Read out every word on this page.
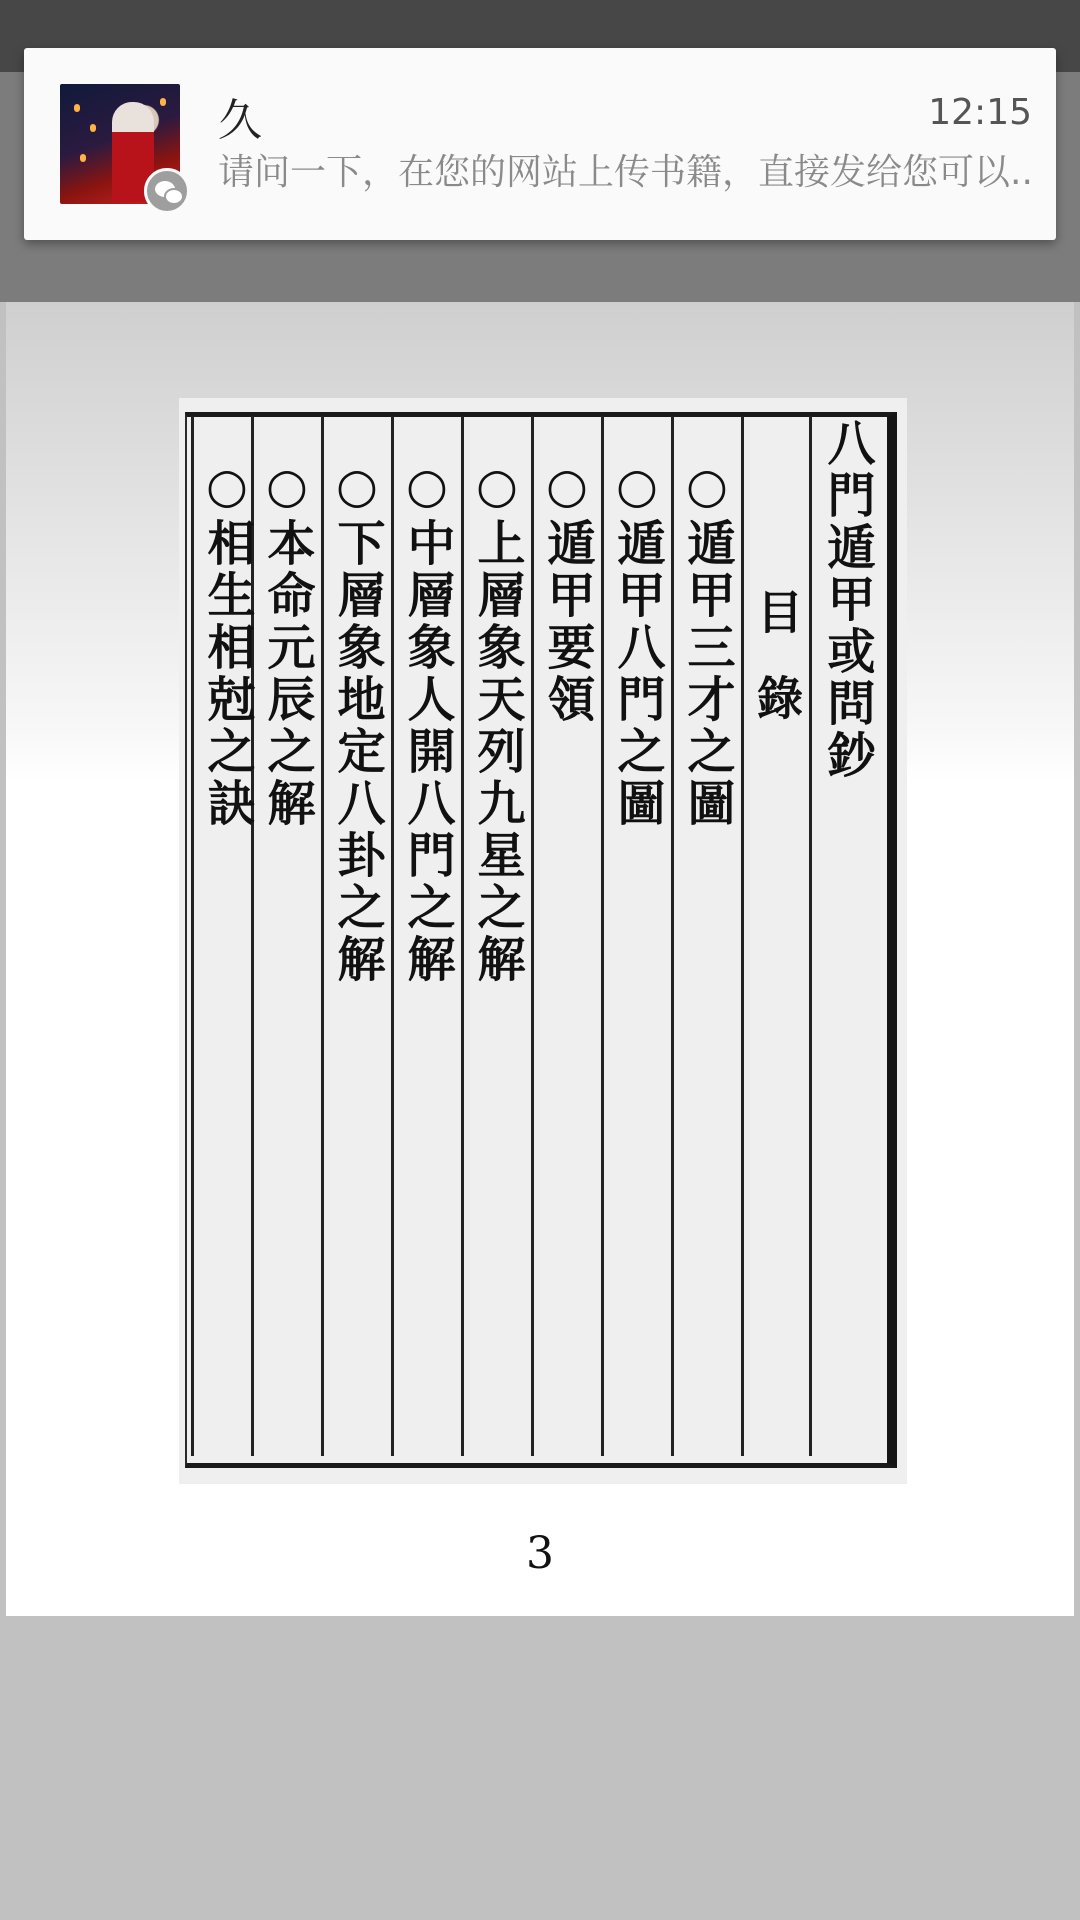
久	12:15
请问一下，在您的网站上传书籍，直接发给您可以..
八門遁甲或問鈔
目錄
○遁甲三才之圖
○遁甲八門之圖
○遁甲要領
○上層象天列九星之解
○中層象人開八門之解
○下層象地定八卦之解
○本命元辰之解
○相生相尅之訣
3
